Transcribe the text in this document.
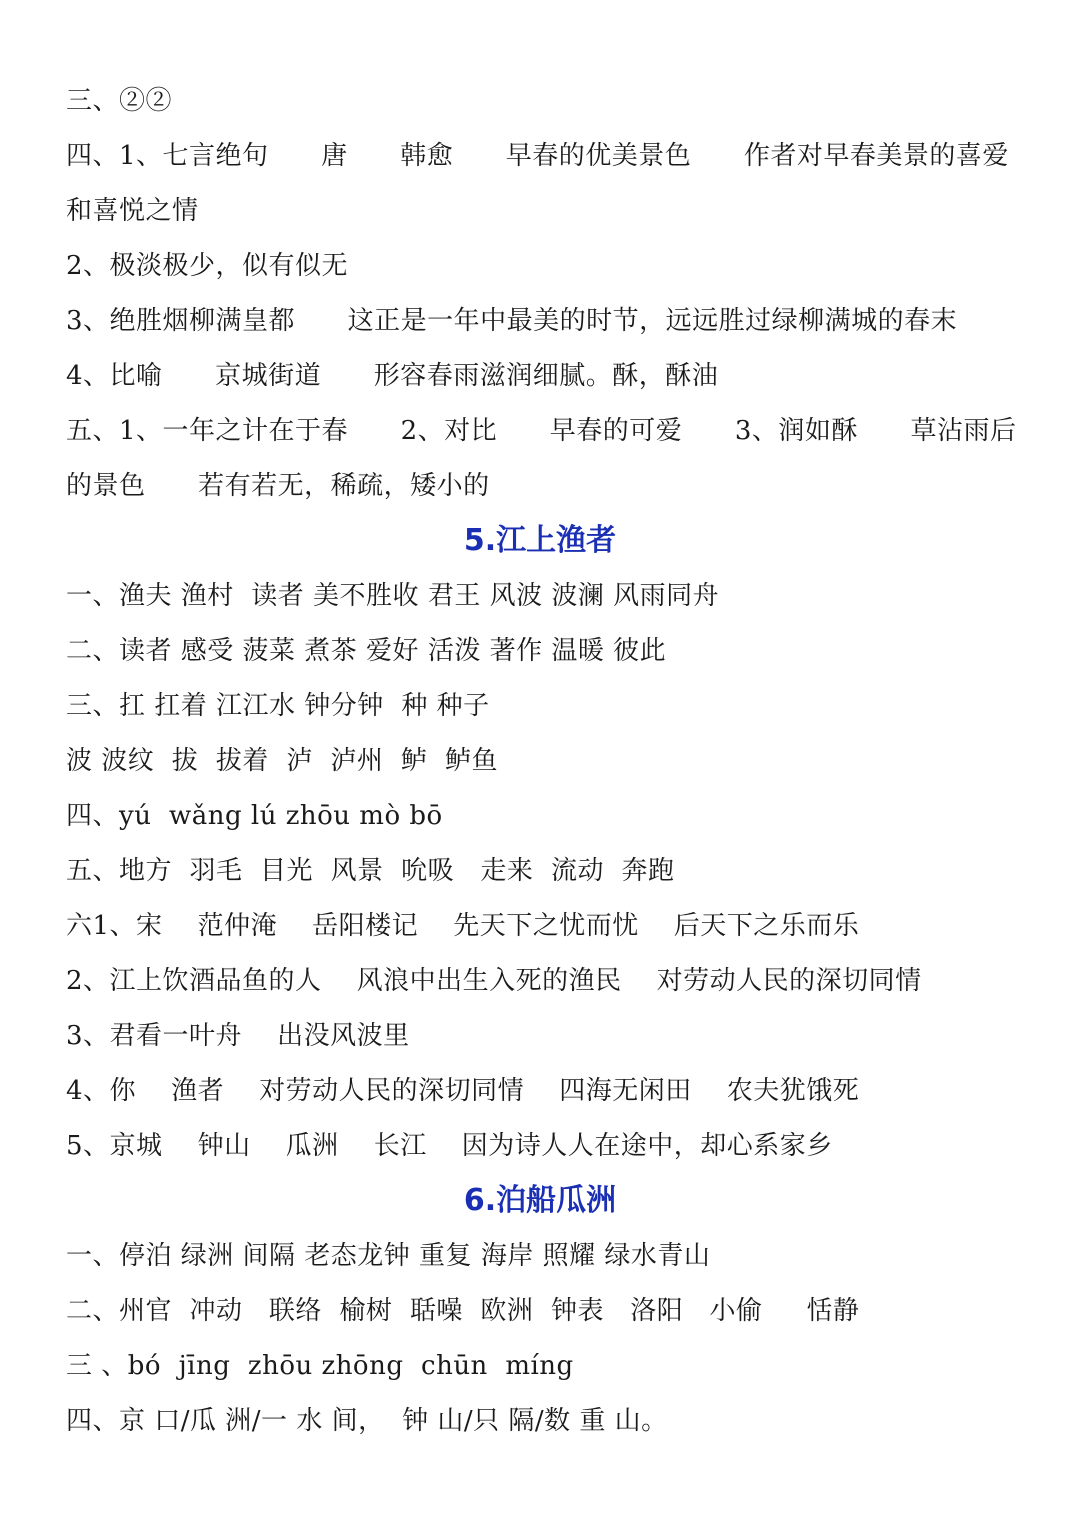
三、②②
四、1、七言绝句      唐      韩愈      早春的优美景色      作者对早春美景的喜爱
和喜悦之情
2、极淡极少，似有似无
3、绝胜烟柳满皇都      这正是一年中最美的时节，远远胜过绿柳满城的春末
4、比喻      京城街道      形容春雨滋润细腻。酥，酥油
五、1、一年之计在于春      2、对比      早春的可爱      3、润如酥      草沾雨后
的景色      若有若无，稀疏，矮小的
5.江上渔者
一、渔夫 渔村  读者 美不胜收 君王 风波 波澜 风雨同舟
二、读者 感受 菠菜 煮茶 爱好 活泼 著作 温暖 彼此
三、扛 扛着 江江水 钟分钟  种 种子
波 波纹  拔  拔着  泸  泸州  鲈  鲈鱼
四、yú  wǎng lú zhōu mò bō
五、地方  羽毛  目光  风景  吮吸   走来  流动  奔跑
六1、宋    范仲淹    岳阳楼记    先天下之忧而忧    后天下之乐而乐
2、江上饮酒品鱼的人    风浪中出生入死的渔民    对劳动人民的深切同情
3、君看一叶舟    出没风波里
4、你    渔者    对劳动人民的深切同情    四海无闲田    农夫犹饿死
5、京城    钟山    瓜洲    长江    因为诗人人在途中，却心系家乡
6.泊船瓜洲
一、停泊 绿洲 间隔 老态龙钟 重复 海岸 照耀 绿水青山
二、州官  冲动   联络  榆树  聒噪  欧洲  钟表   洛阳   小偷     恬静
三 、bó  jīng  zhōu zhōng  chūn  míng
四、京 口/瓜 洲/一 水 间，  钟 山/只 隔/数 重 山。
